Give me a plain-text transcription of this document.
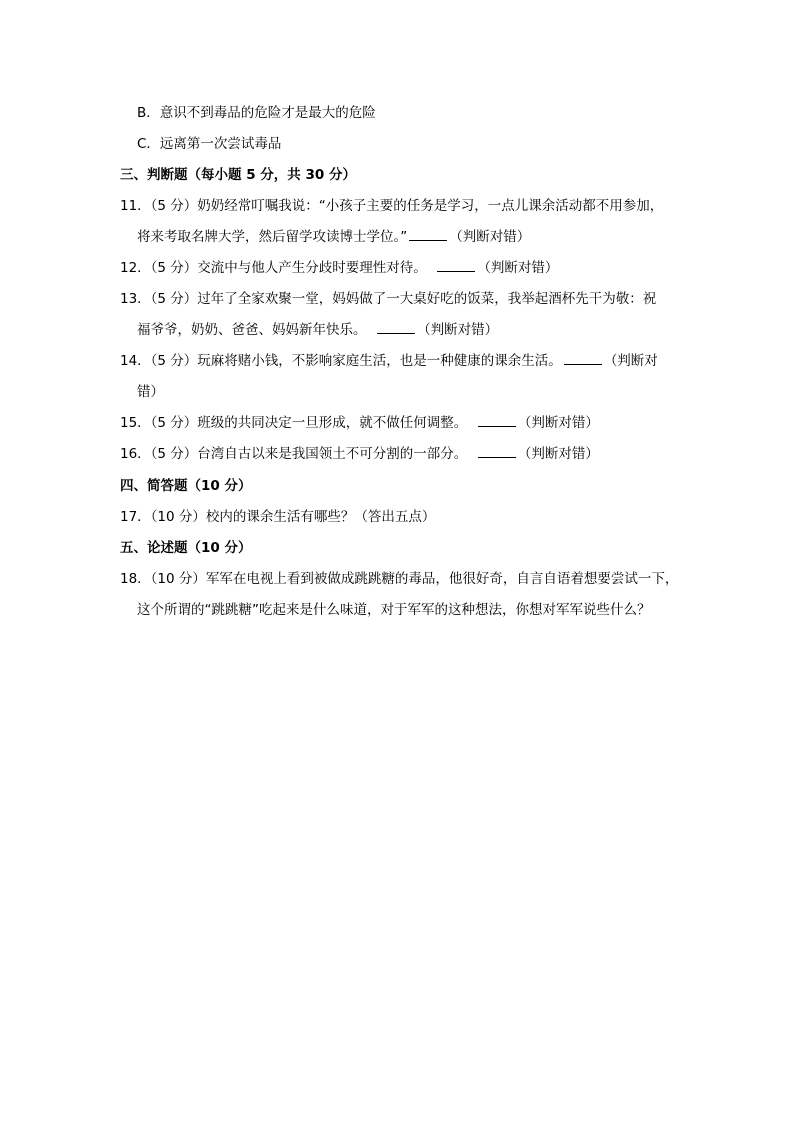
B．意识不到毒品的危险才是最大的危险
C．远离第一次尝试毒品
三、判断题（每小题 5 分，共 30 分）
11．（5 分）奶奶经常叮嘱我说：“小孩子主要的任务是学习，一点儿课余活动都不用参加，
将来考取名牌大学，然后留学攻读博士学位。”	（判断对错）
12．（5 分）交流中与他人产生分歧时要理性对待。	（判断对错）
13．（5 分）过年了全家欢聚一堂，妈妈做了一大桌好吃的饭菜，我举起酒杯先干为敬：祝
福爷爷，奶奶、爸爸、妈妈新年快乐。	（判断对错）
14．（5 分）玩麻将赌小钱，不影响家庭生活，也是一种健康的课余生活。	（判断对
错）
15．（5 分）班级的共同决定一旦形成，就不做任何调整。	（判断对错）
16．（5 分）台湾自古以来是我国领土不可分割的一部分。	（判断对错）
四、简答题（10 分）
17．（10 分）校内的课余生活有哪些？（答出五点）
五、论述题（10 分）
18．（10 分）军军在电视上看到被做成跳跳糖的毒品，他很好奇，自言自语着想要尝试一下，
这个所谓的“跳跳糖”吃起来是什么味道，对于军军的这种想法，你想对军军说些什么？
